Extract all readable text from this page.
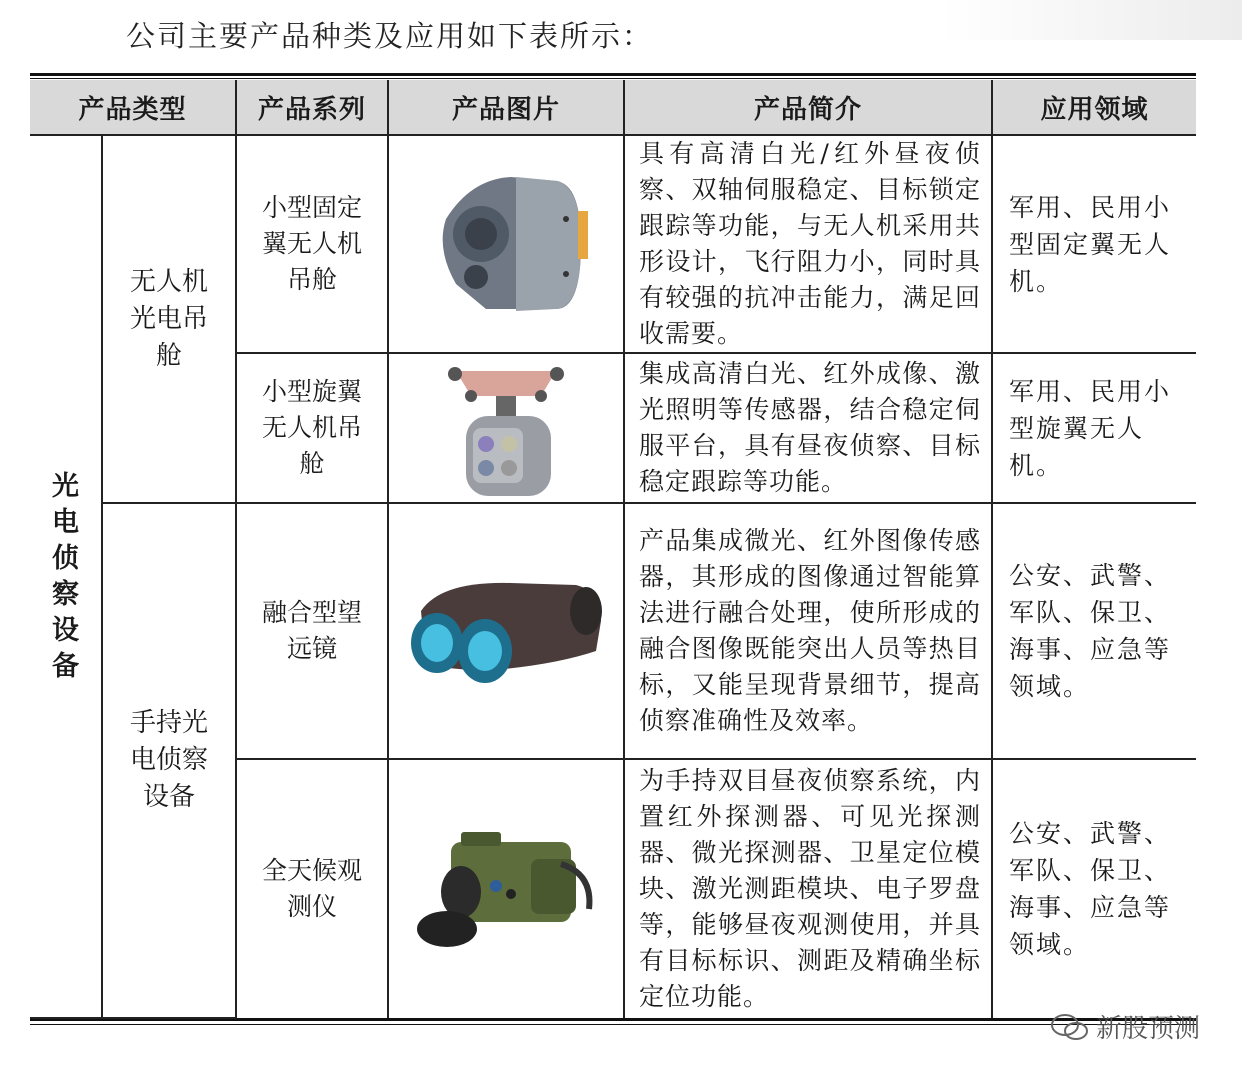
公司主要产品种类及应用如下表所示：
产品类型		产品系列	产品图片	产品简介	应用领域
光电侦察设备	无人机光电吊舱	小型固定翼无人机吊舱		具有高清白光/红外昼夜侦察、双轴伺服稳定、目标锁定跟踪等功能，与无人机采用共形设计，飞行阻力小，同时具有较强的抗冲击能力，满足回收需要。	军用、民用小型固定翼无人机。
		小型旋翼无人机吊舱		集成高清白光、红外成像、激光照明等传感器，结合稳定伺服平台，具有昼夜侦察、目标稳定跟踪等功能。	军用、民用小型旋翼无人机。
	手持光电侦察设备	融合型望远镜		产品集成微光、红外图像传感器，其形成的图像通过智能算法进行融合处理，使所形成的融合图像既能突出人员等热目标，又能呈现背景细节，提高侦察准确性及效率。	公安、武警、军队、保卫、海事、应急等领域。
		全天候观测仪		为手持双目昼夜侦察系统，内置红外探测器、可见光探测器、微光探测器、卫星定位模块、激光测距模块、电子罗盘等，能够昼夜观测使用，并具有目标标识、测距及精确坐标定位功能。	公安、武警、军队、保卫、海事、应急等领域。
新股预测
